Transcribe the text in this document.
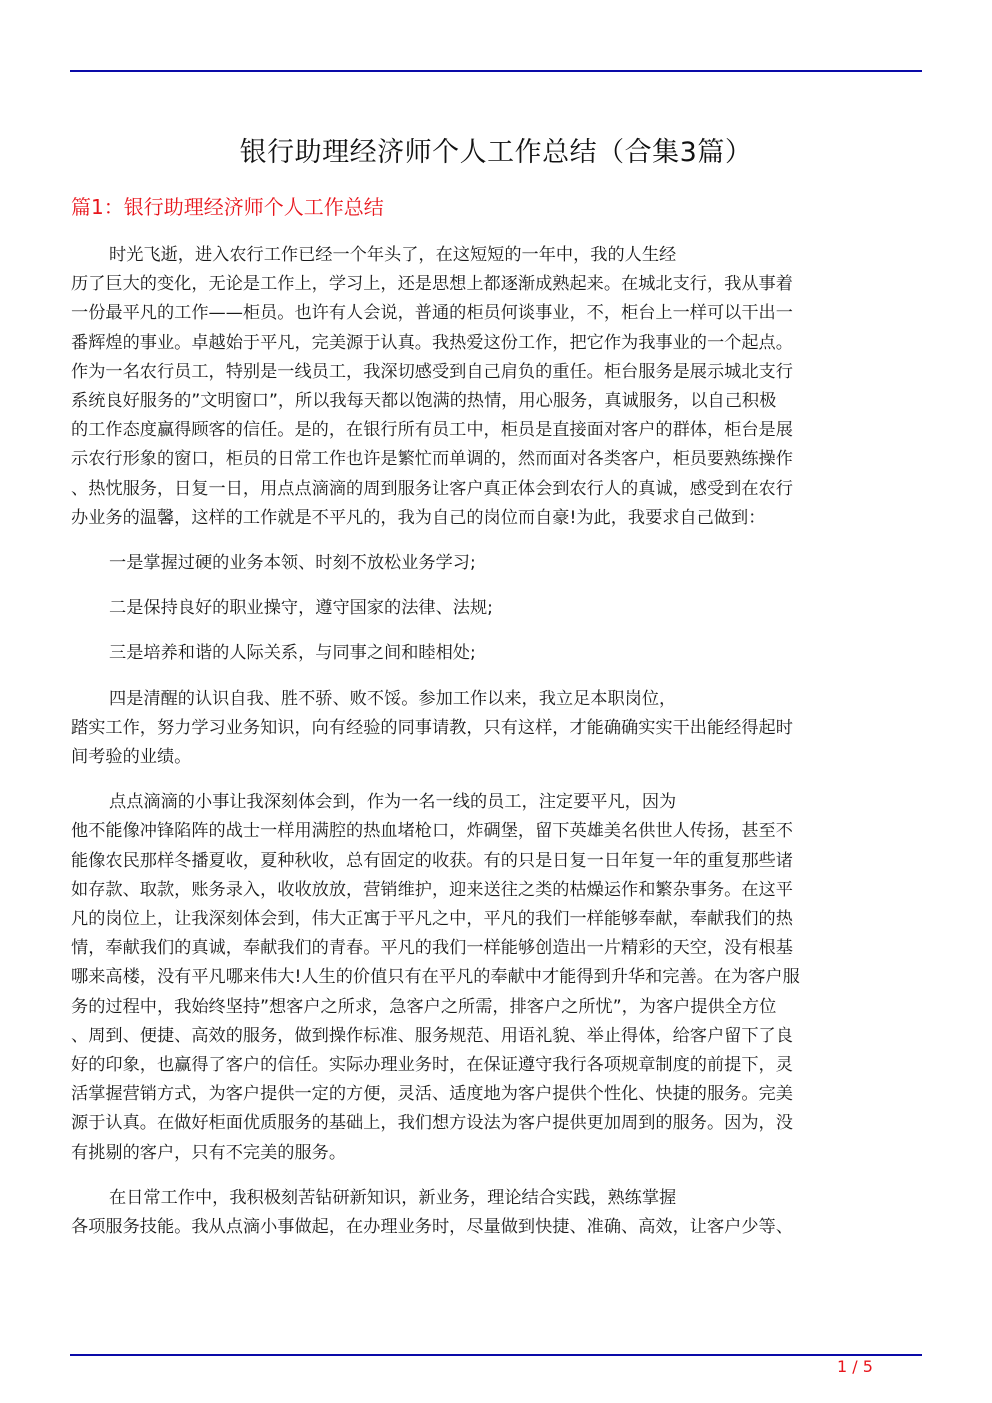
银行助理经济师个人工作总结（合集3篇）
篇1：银行助理经济师个人工作总结

时光飞逝，进入农行工作已经一个年头了，在这短短的一年中，我的人生经
历了巨大的变化，无论是工作上，学习上，还是思想上都逐渐成熟起来。在城北支行，我从事着
一份最平凡的工作——柜员。也许有人会说，普通的柜员何谈事业，不，柜台上一样可以干出一
番辉煌的事业。卓越始于平凡，完美源于认真。我热爱这份工作，把它作为我事业的一个起点。
作为一名农行员工，特别是一线员工，我深切感受到自己肩负的重任。柜台服务是展示城北支行
系统良好服务的”文明窗口”，所以我每天都以饱满的热情，用心服务，真诚服务，以自己积极
的工作态度赢得顾客的信任。是的，在银行所有员工中，柜员是直接面对客户的群体，柜台是展
示农行形象的窗口，柜员的日常工作也许是繁忙而单调的，然而面对各类客户，柜员要熟练操作
、热忱服务，日复一日，用点点滴滴的周到服务让客户真正体会到农行人的真诚，感受到在农行
办业务的温馨，这样的工作就是不平凡的，我为自己的岗位而自豪!为此，我要求自己做到：

一是掌握过硬的业务本领、时刻不放松业务学习;

二是保持良好的职业操守，遵守国家的法律、法规;

三是培养和谐的人际关系，与同事之间和睦相处;

四是清醒的认识自我、胜不骄、败不馁。参加工作以来，我立足本职岗位，
踏实工作，努力学习业务知识，向有经验的同事请教，只有这样，才能确确实实干出能经得起时
间考验的业绩。

点点滴滴的小事让我深刻体会到，作为一名一线的员工，注定要平凡，因为
他不能像冲锋陷阵的战士一样用满腔的热血堵枪口，炸碉堡，留下英雄美名供世人传扬，甚至不
能像农民那样冬播夏收，夏种秋收，总有固定的收获。有的只是日复一日年复一年的重复那些诸
如存款、取款，账务录入，收收放放，营销维护，迎来送往之类的枯燥运作和繁杂事务。在这平
凡的岗位上，让我深刻体会到，伟大正寓于平凡之中，平凡的我们一样能够奉献，奉献我们的热
情，奉献我们的真诚，奉献我们的青春。平凡的我们一样能够创造出一片精彩的天空，没有根基
哪来高楼，没有平凡哪来伟大!人生的价值只有在平凡的奉献中才能得到升华和完善。在为客户服
务的过程中，我始终坚持”想客户之所求，急客户之所需，排客户之所忧”，为客户提供全方位
、周到、便捷、高效的服务，做到操作标准、服务规范、用语礼貌、举止得体，给客户留下了良
好的印象，也赢得了客户的信任。实际办理业务时，在保证遵守我行各项规章制度的前提下，灵
活掌握营销方式，为客户提供一定的方便，灵活、适度地为客户提供个性化、快捷的服务。完美
源于认真。在做好柜面优质服务的基础上，我们想方设法为客户提供更加周到的服务。因为，没
有挑剔的客户，只有不完美的服务。

在日常工作中，我积极刻苦钻研新知识，新业务，理论结合实践，熟练掌握
各项服务技能。我从点滴小事做起，在办理业务时，尽量做到快捷、准确、高效，让客户少等、

1 / 5
